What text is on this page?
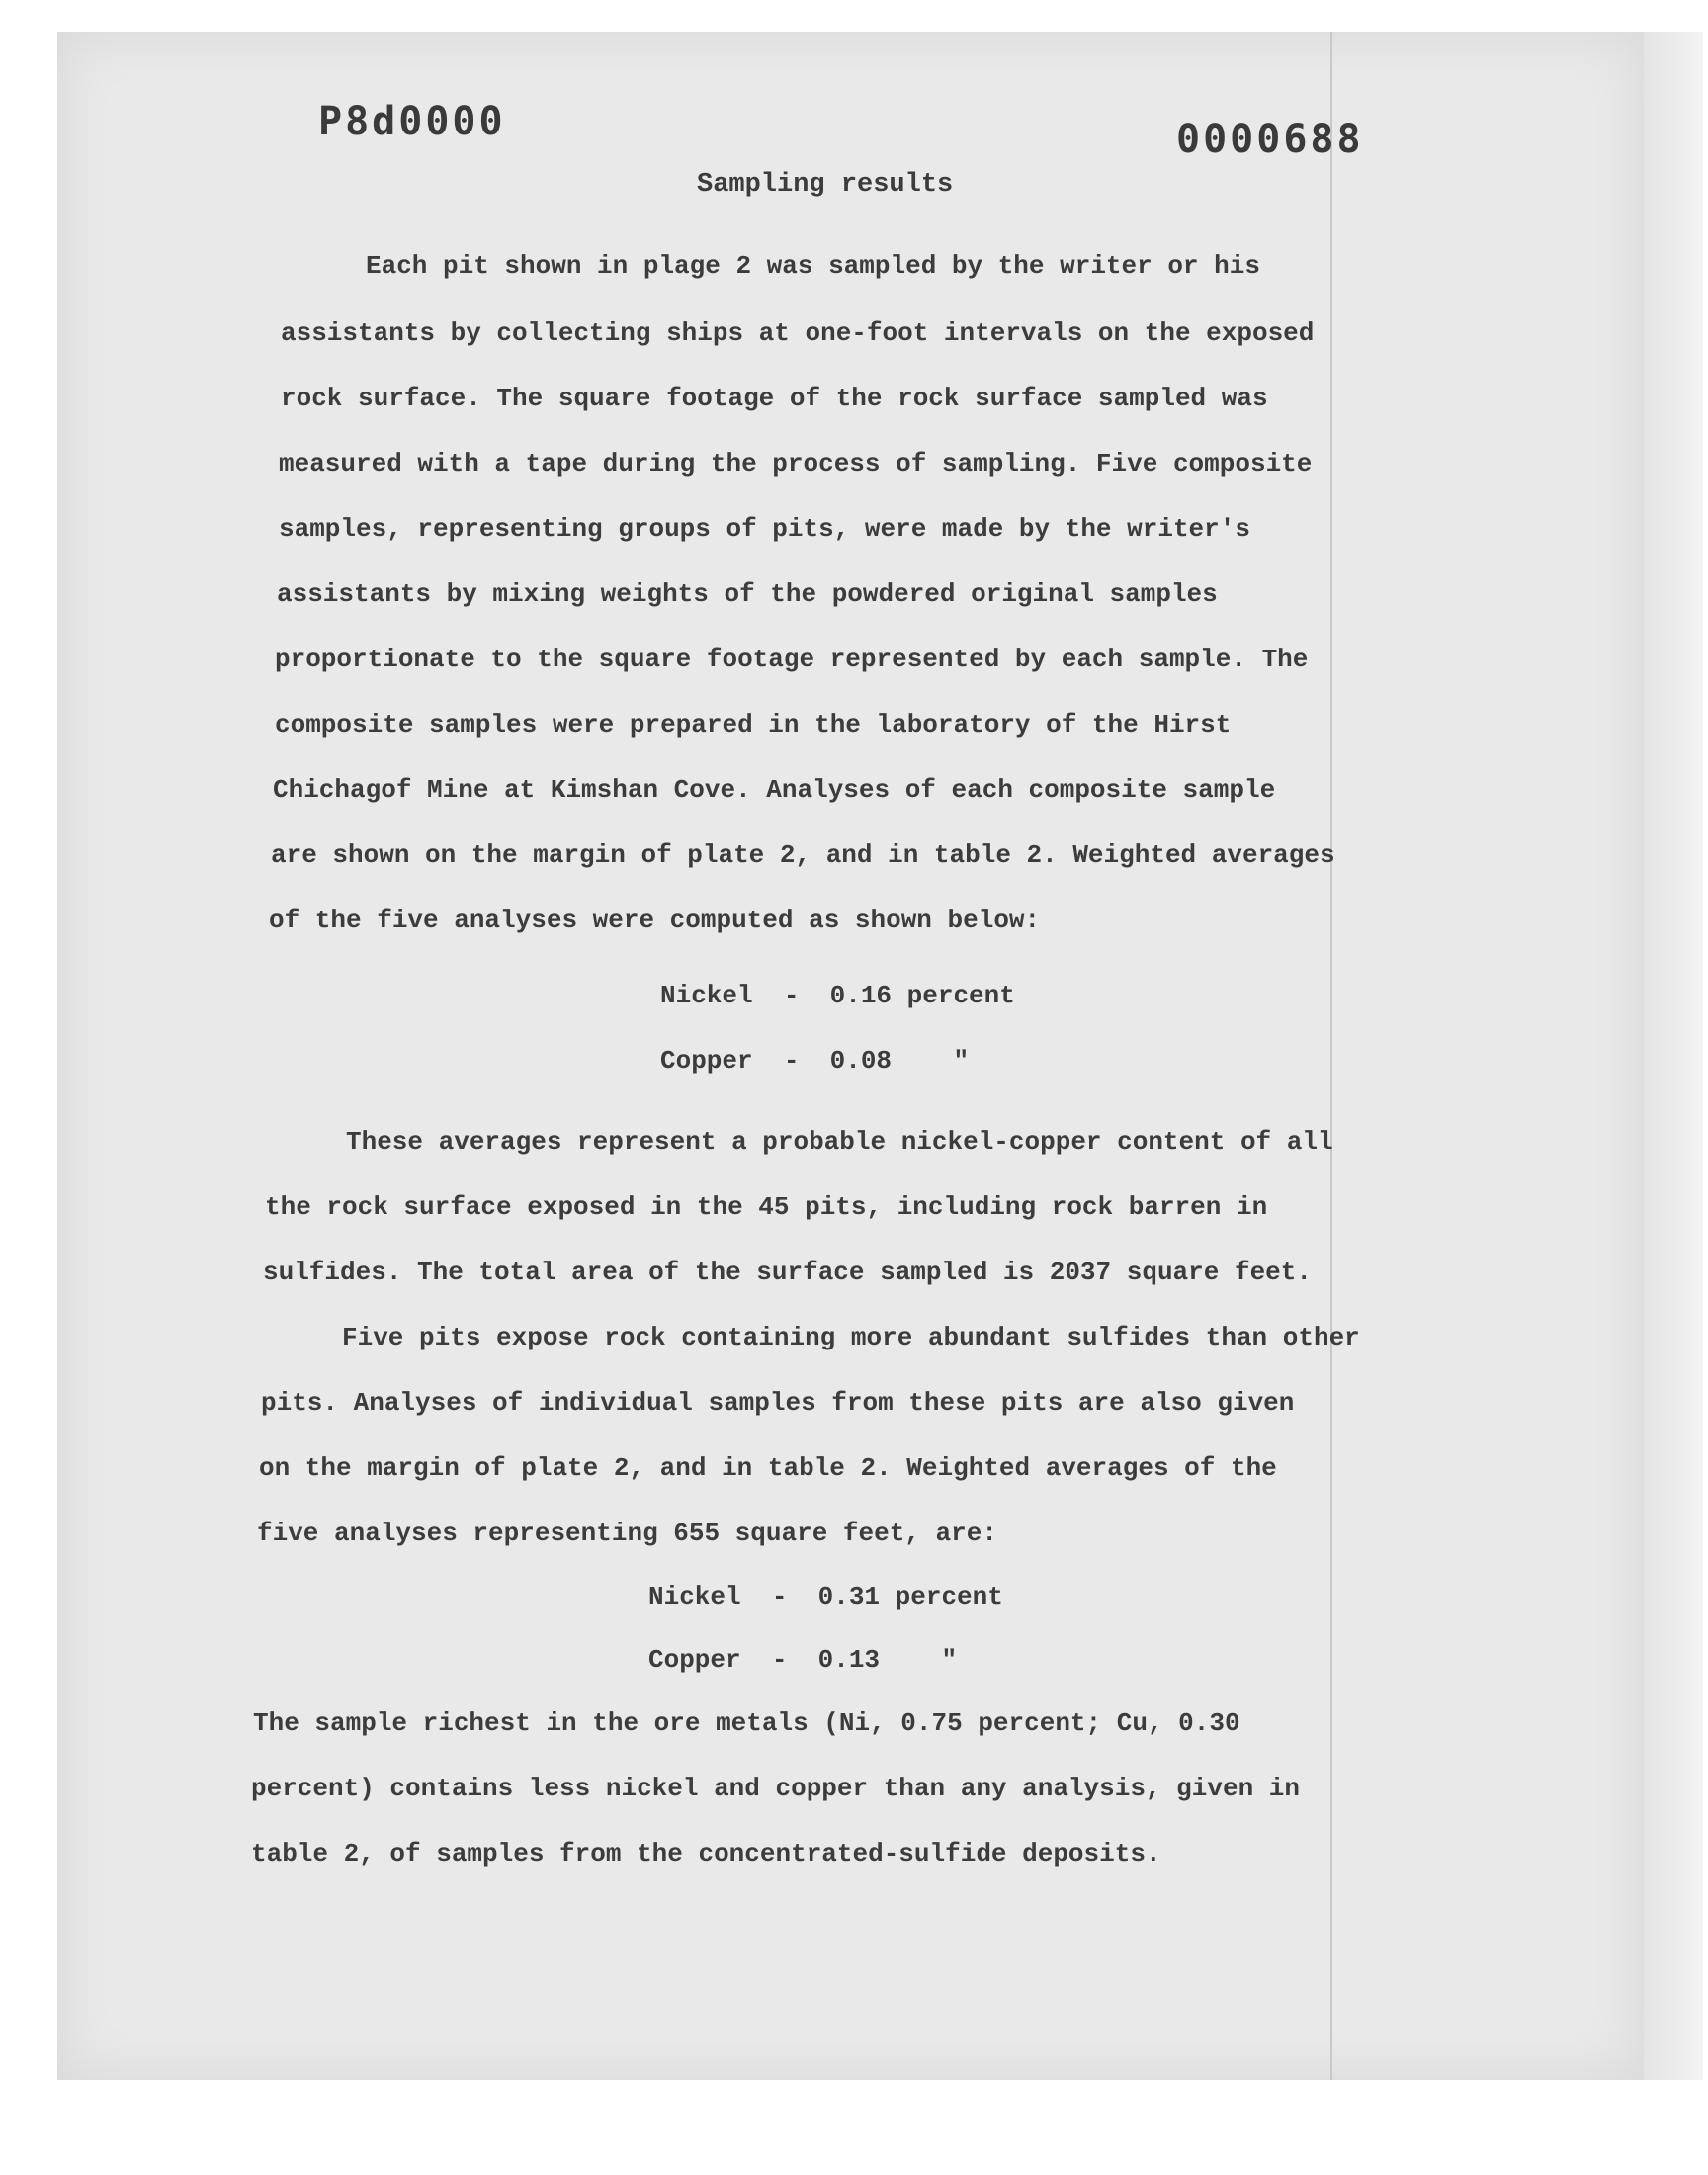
P8d0000	0000688
Sampling results
Each pit shown in plage 2 was sampled by the writer or his
assistants by collecting ships at one-foot intervals on the exposed
rock surface. The square footage of the rock surface sampled was
measured with a tape during the process of sampling. Five composite
samples, representing groups of pits, were made by the writer's
assistants by mixing weights of the powdered original samples
proportionate to the square footage represented by each sample. The
composite samples were prepared in the laboratory of the Hirst
Chichagof Mine at Kimshan Cove. Analyses of each composite sample
are shown on the margin of plate 2, and in table 2. Weighted averages
of the five analyses were computed as shown below:
Nickel  -  0.16 percent
Copper  -  0.08    "
These averages represent a probable nickel-copper content of all
the rock surface exposed in the 45 pits, including rock barren in
sulfides. The total area of the surface sampled is 2037 square feet.
Five pits expose rock containing more abundant sulfides than other
pits. Analyses of individual samples from these pits are also given
on the margin of plate 2, and in table 2. Weighted averages of the
five analyses representing 655 square feet, are:
Nickel  -  0.31 percent
Copper  -  0.13    "
The sample richest in the ore metals (Ni, 0.75 percent; Cu, 0.30
percent) contains less nickel and copper than any analysis, given in
table 2, of samples from the concentrated-sulfide deposits.
